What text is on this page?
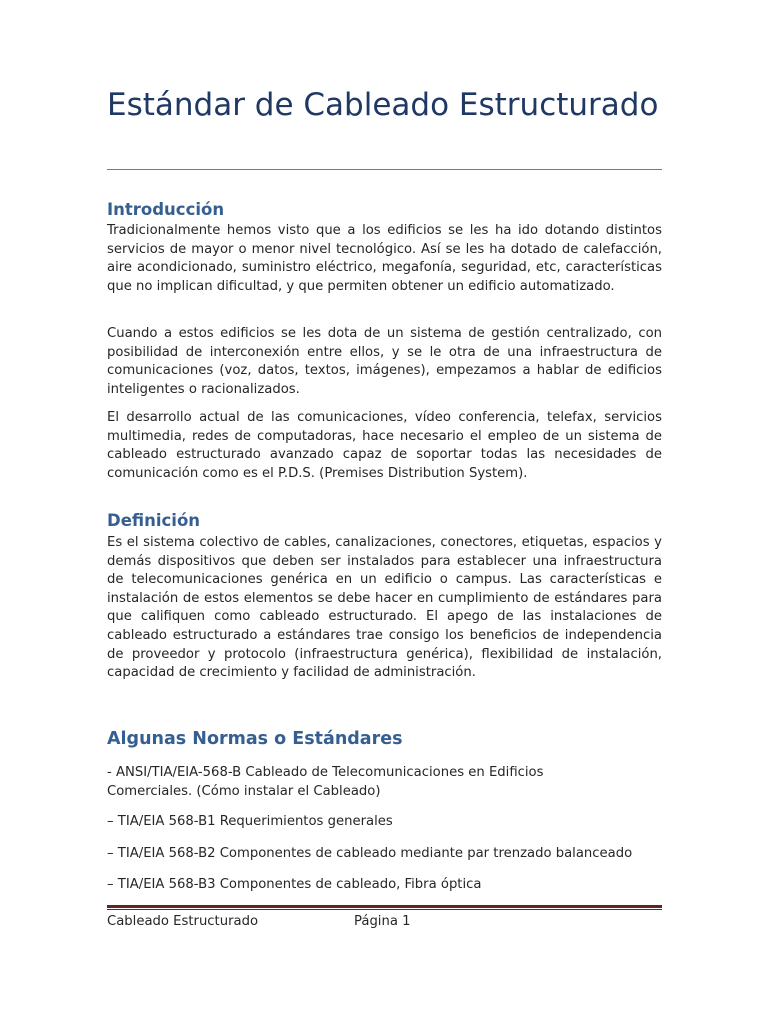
Estándar de Cableado Estructurado
Introducción

Tradicionalmente hemos visto que a los edificios se les ha ido dotando distintos servicios de mayor o menor nivel tecnológico. Así se les ha dotado de calefacción, aire acondicionado, suministro eléctrico, megafonía, seguridad, etc, características que no implican dificultad, y que permiten obtener un edificio automatizado.

Cuando a estos edificios se les dota de un sistema de gestión centralizado, con posibilidad de interconexión entre ellos, y se le otra de una infraestructura de comunicaciones (voz, datos, textos, imágenes), empezamos a hablar de edificios inteligentes o racionalizados.

El desarrollo actual de las comunicaciones, vídeo conferencia, telefax, servicios multimedia, redes de computadoras, hace necesario el empleo de un sistema de cableado estructurado avanzado capaz de soportar todas las necesidades de comunicación como es el P.D.S. (Premises Distribution System).

Definición

Es el sistema colectivo de cables, canalizaciones, conectores, etiquetas, espacios y demás dispositivos que deben ser instalados para establecer una infraestructura de telecomunicaciones genérica en un edificio o campus. Las características e instalación de estos elementos se debe hacer en cumplimiento de estándares para que califiquen como cableado estructurado. El apego de las instalaciones de cableado estructurado a estándares trae consigo los beneficios de independencia de proveedor y protocolo (infraestructura genérica), flexibilidad de instalación, capacidad de crecimiento y facilidad de administración.

Algunas Normas o Estándares

- ANSI/TIA/EIA-568-B Cableado de Telecomunicaciones en Edificios Comerciales. (Cómo instalar el Cableado)

– TIA/EIA 568-B1 Requerimientos generales

– TIA/EIA 568-B2 Componentes de cableado mediante par trenzado balanceado

– TIA/EIA 568-B3 Componentes de cableado, Fibra óptica

Cableado Estructurado	Página 1
